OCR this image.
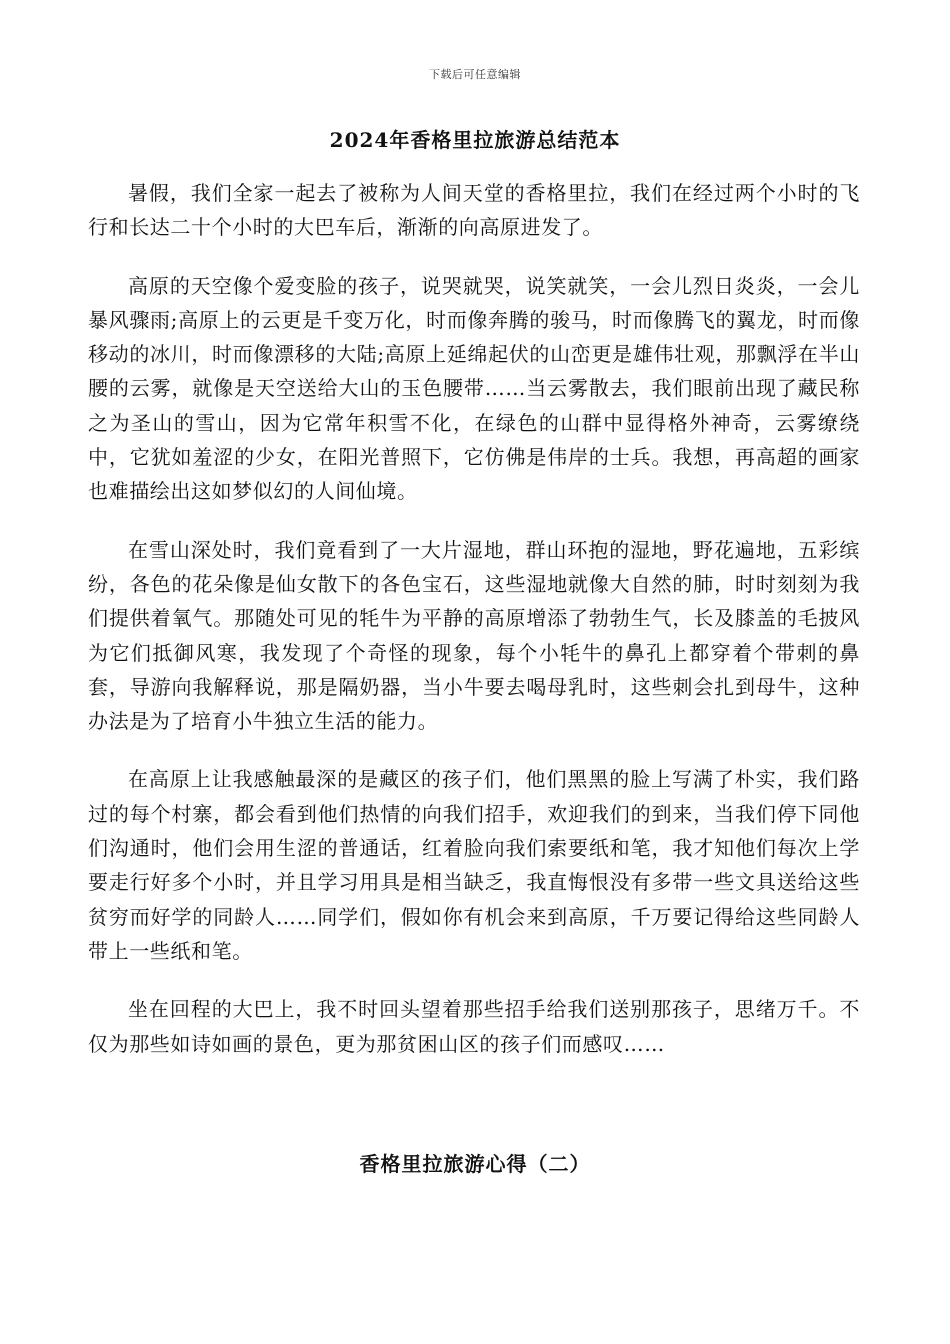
下载后可任意编辑
2024年香格里拉旅游总结范本

暑假，我们全家一起去了被称为人间天堂的香格里拉，我们在经过两个小时的飞行和长达二十个小时的大巴车后，渐渐的向高原进发了。

高原的天空像个爱变脸的孩子，说哭就哭，说笑就笑，一会儿烈日炎炎，一会儿暴风骤雨;高原上的云更是千变万化，时而像奔腾的骏马，时而像腾飞的翼龙，时而像移动的冰川，时而像漂移的大陆;高原上延绵起伏的山峦更是雄伟壮观，那飘浮在半山腰的云雾，就像是天空送给大山的玉色腰带……当云雾散去，我们眼前出现了藏民称之为圣山的雪山，因为它常年积雪不化，在绿色的山群中显得格外神奇，云雾缭绕中，它犹如羞涩的少女，在阳光普照下，它仿佛是伟岸的士兵。我想，再高超的画家也难描绘出这如梦似幻的人间仙境。

在雪山深处时，我们竟看到了一大片湿地，群山环抱的湿地，野花遍地，五彩缤纷，各色的花朵像是仙女散下的各色宝石，这些湿地就像大自然的肺，时时刻刻为我们提供着氧气。那随处可见的牦牛为平静的高原增添了勃勃生气，长及膝盖的毛披风为它们抵御风寒，我发现了个奇怪的现象，每个小牦牛的鼻孔上都穿着个带刺的鼻套，导游向我解释说，那是隔奶器，当小牛要去喝母乳时，这些刺会扎到母牛，这种办法是为了培育小牛独立生活的能力。

在高原上让我感触最深的是藏区的孩子们，他们黑黑的脸上写满了朴实，我们路过的每个村寨，都会看到他们热情的向我们招手，欢迎我们的到来，当我们停下同他们沟通时，他们会用生涩的普通话，红着脸向我们索要纸和笔，我才知他们每次上学要走行好多个小时，并且学习用具是相当缺乏，我直悔恨没有多带一些文具送给这些贫穷而好学的同龄人……同学们，假如你有机会来到高原，千万要记得给这些同龄人带上一些纸和笔。

坐在回程的大巴上，我不时回头望着那些招手给我们送别那孩子，思绪万千。不仅为那些如诗如画的景色，更为那贫困山区的孩子们而感叹……

香格里拉旅游心得（二）
